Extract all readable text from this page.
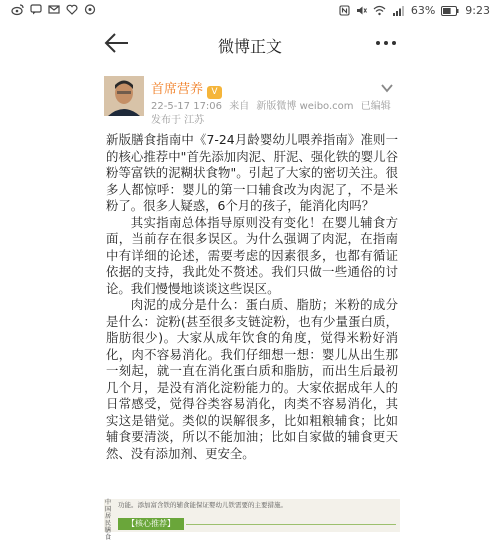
63%	9:23
微博正文
首席营养 V
22-5-17 17:06 来自 新版微博 weibo.com 已编辑
发布于 江苏

新版膳食指南中《7-24月龄婴幼儿喂养指南》准则一的核心推荐中"首先添加肉泥、肝泥、强化铁的婴儿谷粉等富铁的泥糊状食物"。引起了大家的密切关注。很多人都惊呼：婴儿的第一口辅食改为肉泥了，不是米粉了。很多人疑惑，6个月的孩子，能消化肉吗？

其实指南总体指导原则没有变化！在婴儿辅食方面，当前存在很多误区。为什么强调了肉泥，在指南中有详细的论述，需要考虑的因素很多，也都有循证依据的支持，我此处不赘述。我们只做一些通俗的讨论。我们慢慢地谈谈这些误区。

肉泥的成分是什么：蛋白质、脂肪；米粉的成分是什么：淀粉(甚至很多支链淀粉，也有少量蛋白质，脂肪很少)。大家从成年饮食的角度，觉得米粉好消化，肉不容易消化。我们仔细想一想：婴儿从出生那一刻起，就一直在消化蛋白质和脂肪，而出生后最初几个月，是没有消化淀粉能力的。大家依据成年人的日常感受，觉得谷类容易消化，肉类不容易消化，其实这是错觉。类似的误解很多，比如粗粮辅食；比如辅食要清淡，所以不能加油；比如自家做的辅食更天然、没有添加剂、更安全。

中国居民膳食
功能。添加富含铁的辅食能保证婴幼儿铁需要的主要措施。
【核心推荐】
